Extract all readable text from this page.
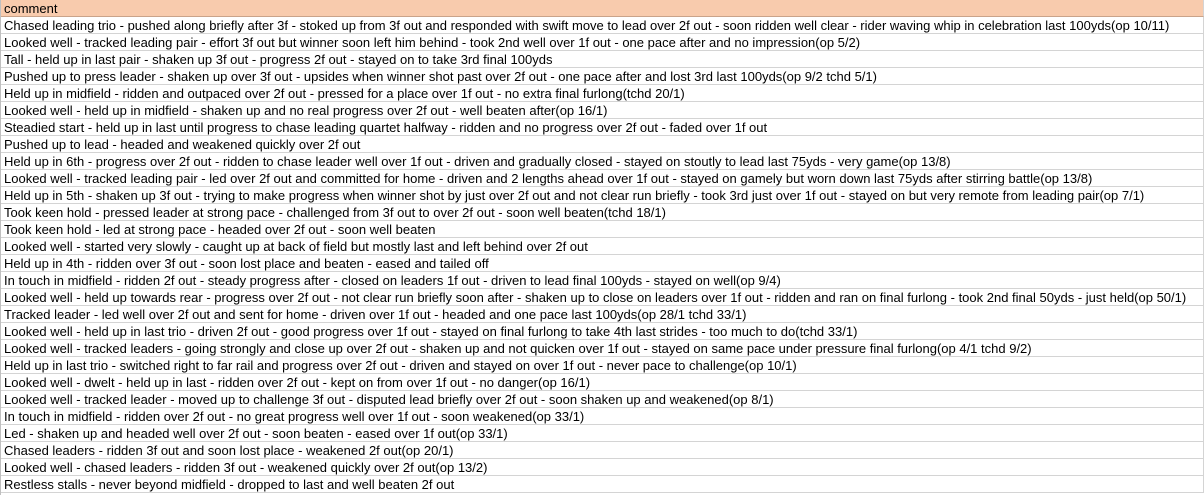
comment
Chased leading trio - pushed along briefly after 3f - stoked up from 3f out and responded with swift move to lead over 2f out - soon ridden well clear - rider waving whip in celebration last 100yds(op 10/11)
Looked well - tracked leading pair - effort 3f out but winner soon left him behind - took 2nd well over 1f out - one pace after and no impression(op 5/2)
Tall - held up in last pair - shaken up 3f out - progress 2f out - stayed on to take 3rd final 100yds
Pushed up to press leader - shaken up over 3f out - upsides when winner shot past over 2f out - one pace after and lost 3rd last 100yds(op 9/2 tchd 5/1)
Held up in midfield - ridden and outpaced over 2f out - pressed for a place over 1f out - no extra final furlong(tchd 20/1)
Looked well - held up in midfield - shaken up and no real progress over 2f out - well beaten after(op 16/1)
Steadied start - held up in last until progress to chase leading quartet halfway - ridden and no progress over 2f out - faded over 1f out
Pushed up to lead - headed and weakened quickly over 2f out
Held up in 6th - progress over 2f out - ridden to chase leader well over 1f out - driven and gradually closed - stayed on stoutly to lead last 75yds - very game(op 13/8)
Looked well - tracked leading pair - led over 2f out and committed for home - driven and 2 lengths ahead over 1f out - stayed on gamely but worn down last 75yds after stirring battle(op 13/8)
Held up in 5th - shaken up 3f out - trying to make progress when winner shot by just over 2f out and not clear run briefly - took 3rd just over 1f out - stayed on but very remote from leading pair(op 7/1)
Took keen hold - pressed leader at strong pace - challenged from 3f out to over 2f out - soon well beaten(tchd 18/1)
Took keen hold - led at strong pace - headed over 2f out - soon well beaten
Looked well - started very slowly - caught up at back of field but mostly last and left behind over 2f out
Held up in 4th - ridden over 3f out - soon lost place and beaten - eased and tailed off
In touch in midfield - ridden 2f out - steady progress after - closed on leaders 1f out - driven to lead final 100yds - stayed on well(op 9/4)
Looked well - held up towards rear - progress over 2f out - not clear run briefly soon after - shaken up to close on leaders over 1f out - ridden and ran on final furlong - took 2nd final 50yds - just held(op 50/1)
Tracked leader - led well over 2f out and sent for home - driven over 1f out - headed and one pace last 100yds(op 28/1 tchd 33/1)
Looked well - held up in last trio - driven 2f out - good progress over 1f out - stayed on final furlong to take 4th last strides - too much to do(tchd 33/1)
Looked well - tracked leaders - going strongly and close up over 2f out - shaken up and not quicken over 1f out - stayed on same pace under pressure final furlong(op 4/1 tchd 9/2)
Held up in last trio - switched right to far rail and progress over 2f out - driven and stayed on over 1f out - never pace to challenge(op 10/1)
Looked well - dwelt - held up in last - ridden over 2f out - kept on from over 1f out - no danger(op 16/1)
Looked well - tracked leader - moved up to challenge 3f out - disputed lead briefly over 2f out - soon shaken up and weakened(op 8/1)
In touch in midfield - ridden over 2f out - no great progress well over 1f out - soon weakened(op 33/1)
Led - shaken up and headed well over 2f out - soon beaten - eased over 1f out(op 33/1)
Chased leaders - ridden 3f out and soon lost place - weakened 2f out(op 20/1)
Looked well - chased leaders - ridden 3f out - weakened quickly over 2f out(op 13/2)
Restless stalls - never beyond midfield - dropped to last and well beaten 2f out
